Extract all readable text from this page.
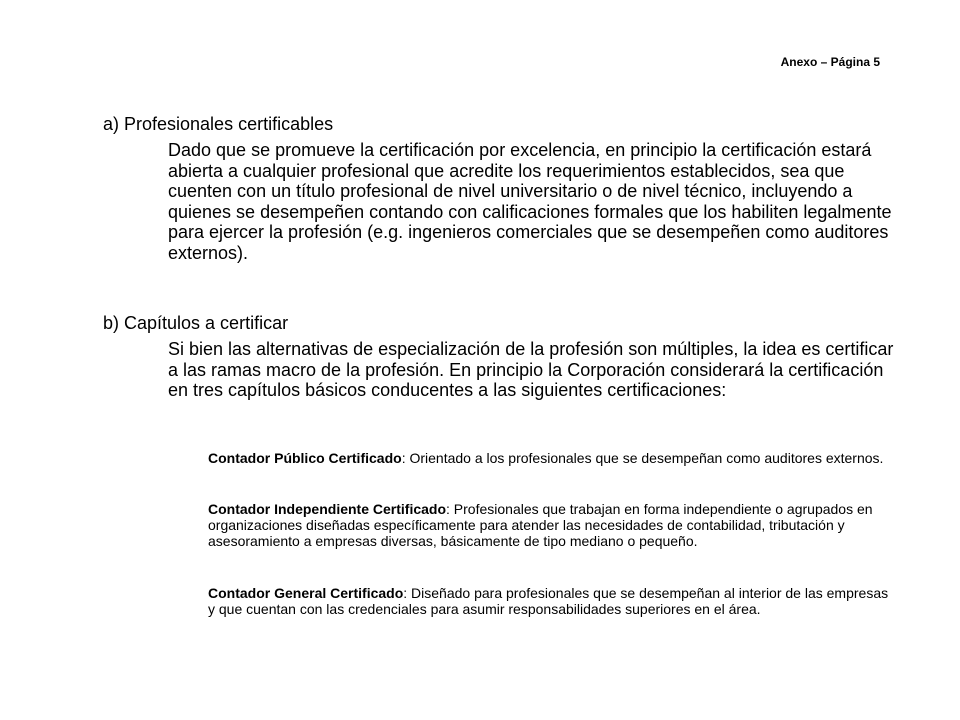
Anexo – Página 5
a) Profesionales certificables

Dado que se promueve la certificación por excelencia, en principio la certificación estará abierta a cualquier profesional que acredite los requerimientos establecidos, sea que cuenten con un título profesional de nivel universitario o de nivel técnico, incluyendo a quienes se desempeñen contando con calificaciones formales que los habiliten legalmente para ejercer la profesión (e.g. ingenieros comerciales que se desempeñen como auditores externos).

b) Capítulos a certificar

Si bien las alternativas de especialización de la profesión son múltiples, la idea es certificar a las ramas macro de la profesión. En principio la Corporación considerará la certificación en tres capítulos básicos conducentes a las siguientes certificaciones:

Contador Público Certificado: Orientado a los profesionales que se desempeñan como auditores externos.

Contador Independiente Certificado: Profesionales que trabajan en forma independiente o agrupados en organizaciones diseñadas específicamente para atender las necesidades de contabilidad, tributación y asesoramiento a empresas diversas, básicamente de tipo mediano o pequeño.

Contador General Certificado: Diseñado para profesionales que se desempeñan al interior de las empresas y que cuentan con las credenciales para asumir responsabilidades superiores en el área.
